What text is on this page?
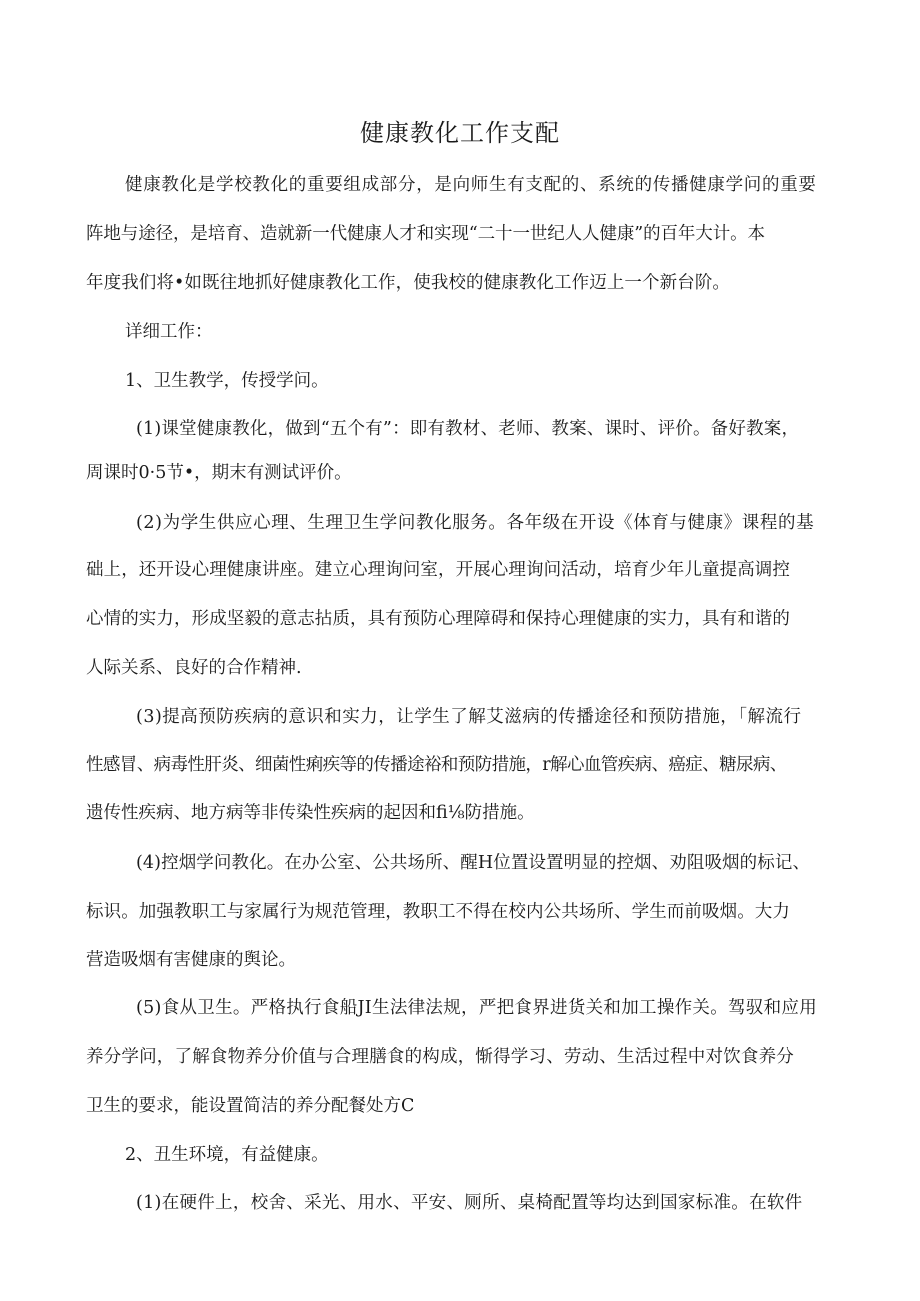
健康教化工作支配

健康教化是学校教化的重要组成部分，是向师生有支配的、系统的传播健康学问的重要

阵地与途径，是培育、造就新一代健康人才和实现“二十一世纪人人健康”的百年大计。本

年度我们将•如既往地抓好健康教化工作，使我校的健康教化工作迈上一个新台阶。

详细工作：

1、卫生教学，传授学问。

(1)课堂健康教化，做到“五个有”：即有教材、老师、教案、课时、评价。备好教案，

周课时0·5节•，期末有测试评价。

(2)为学生供应心理、生理卫生学问教化服务。各年级在开设《体育与健康》课程的基

础上，还开设心理健康讲座。建立心理询问室，开展心理询问活动，培育少年儿童提高调控

心情的实力，形成坚毅的意志拈质，具有预防心理障碍和保持心理健康的实力，具有和谐的

人际关系、良好的合作精神.

(3)提高预防疾病的意识和实力，让学生了解艾滋病的传播途径和预防措施，「解流行

性感冒、病毒性肝炎、细菌性痢疾等的传播途裕和预防措施，r解心血管疾病、癌症、糖尿病、

遗传性疾病、地方病等非传染性疾病的起因和fi⅛防措施。

(4)控烟学问教化。在办公室、公共场所、醒H位置设置明显的控烟、劝阻吸烟的标记、

标识。加强教职工与家属行为规范管理，教职工不得在校内公共场所、学生而前吸烟。大力

营造吸烟有害健康的舆论。

(5)食从卫生。严格执行食船JI生法律法规，严把食界进货关和加工操作关。驾驭和应用

养分学问，了解食物养分价值与合理膳食的构成，惭得学习、劳动、生活过程中对饮食养分

卫生的要求，能设置简洁的养分配餐处方C

2、丑生环境，有益健康。

(1)在硬件上，校舍、采光、用水、平安、厕所、桌椅配置等均达到国家标准。在软件
